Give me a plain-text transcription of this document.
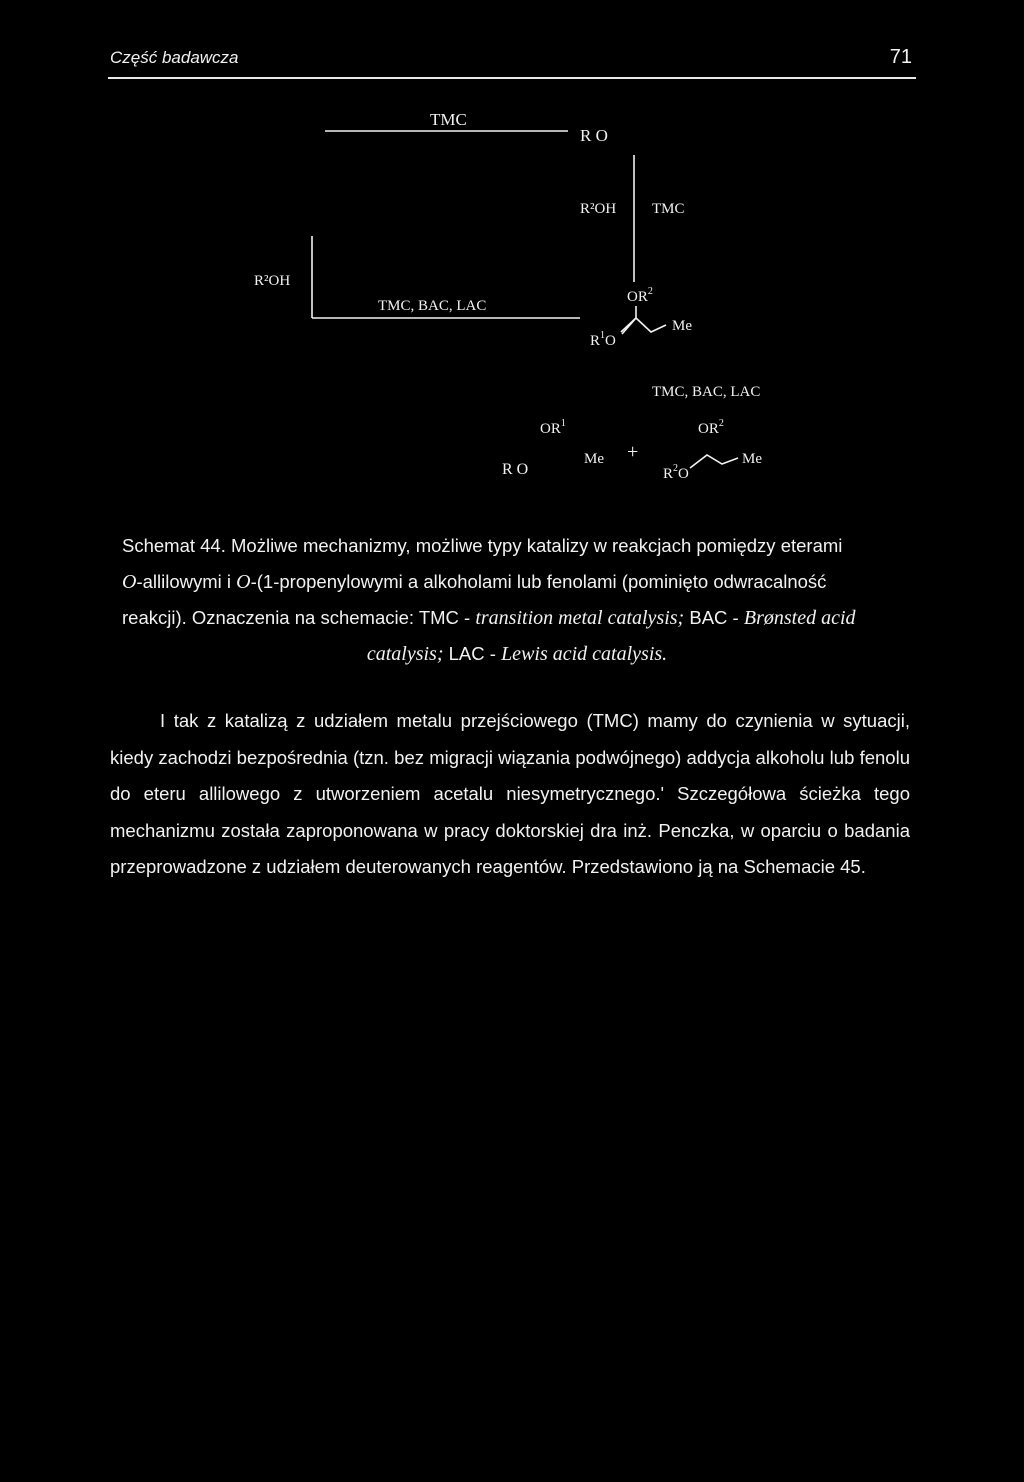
Część badawcza	71
TMC
R O
R²OH TMC
R²OH
TMC, BAC, LAC
$OR^2$
$R^1O$
Me
TMC, BAC, LAC
$OR^1$
R O
Me +
$OR^2$
$R^2O$
Me

Schemat 44. Możliwe mechanizmy, możliwe typy katalizy w reakcjach pomiędzy eterami

O-allilowymi i O-(1-propenylowymi a alkoholami lub fenolami (pominięto odwracalność

reakcji). Oznaczenia na schemacie: TMC - transition metal catalysis; BAC - Brønsted acid

catalysis; LAC - Lewis acid catalysis.

I tak z katalizą z udziałem metalu przejściowego (TMC) mamy do czynienia w sytuacji, kiedy zachodzi bezpośrednia (tzn. bez migracji wiązania podwójnego) addycja alkoholu lub fenolu do eteru allilowego z utworzeniem acetalu niesymetrycznego.' Szczegółowa ścieżka tego mechanizmu została zaproponowana w pracy doktorskiej dra inż. Penczka, w oparciu o badania przeprowadzone z udziałem deuterowanych reagentów. Przedstawiono ją na Schemacie 45.
